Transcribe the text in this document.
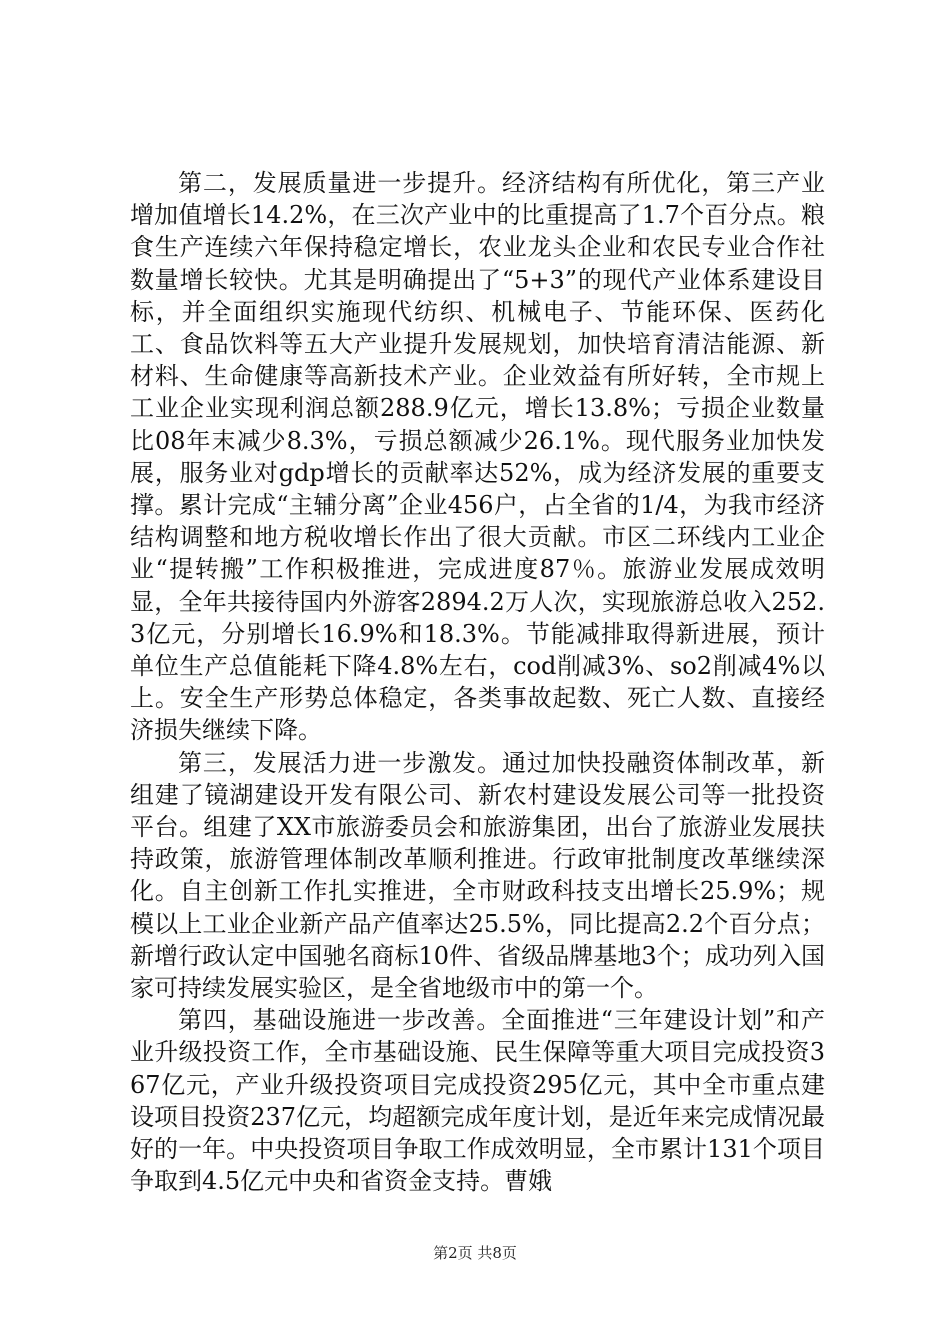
第二，发展质量进一步提升。经济结构有所优化，第三产业增加值增长14.2%，在三次产业中的比重提高了1.7个百分点。粮食生产连续六年保持稳定增长，农业龙头企业和农民专业合作社数量增长较快。尤其是明确提出了“5+3”的现代产业体系建设目标，并全面组织实施现代纺织、机械电子、节能环保、医药化工、食品饮料等五大产业提升发展规划，加快培育清洁能源、新材料、生命健康等高新技术产业。企业效益有所好转，全市规上工业企业实现利润总额288.9亿元，增长13.8%；亏损企业数量比08年末减少8.3%，亏损总额减少26.1%。现代服务业加快发展，服务业对gdp增长的贡献率达52%，成为经济发展的重要支撑。累计完成“主辅分离”企业456户，占全省的1/4，为我市经济结构调整和地方税收增长作出了很大贡献。市区二环线内工业企业“提转搬”工作积极推进，完成进度87％。旅游业发展成效明显，全年共接待国内外游客2894.2万人次，实现旅游总收入252.3亿元，分别增长16.9%和18.3%。节能减排取得新进展，预计单位生产总值能耗下降4.8%左右，cod削减3%、so2削减4%以上。安全生产形势总体稳定，各类事故起数、死亡人数、直接经济损失继续下降。

第三，发展活力进一步激发。通过加快投融资体制改革，新组建了镜湖建设开发有限公司、新农村建设发展公司等一批投资平台。组建了XX市旅游委员会和旅游集团，出台了旅游业发展扶持政策，旅游管理体制改革顺利推进。行政审批制度改革继续深化。自主创新工作扎实推进，全市财政科技支出增长25.9%；规模以上工业企业新产品产值率达25.5%，同比提高2.2个百分点；新增行政认定中国驰名商标10件、省级品牌基地3个；成功列入国家可持续发展实验区，是全省地级市中的第一个。

第四，基础设施进一步改善。全面推进“三年建设计划”和产业升级投资工作，全市基础设施、民生保障等重大项目完成投资367亿元，产业升级投资项目完成投资295亿元，其中全市重点建设项目投资237亿元，均超额完成年度计划，是近年来完成情况最好的一年。中央投资项目争取工作成效明显，全市累计131个项目争取到4.5亿元中央和省资金支持。曹娥

第2页 共8页
